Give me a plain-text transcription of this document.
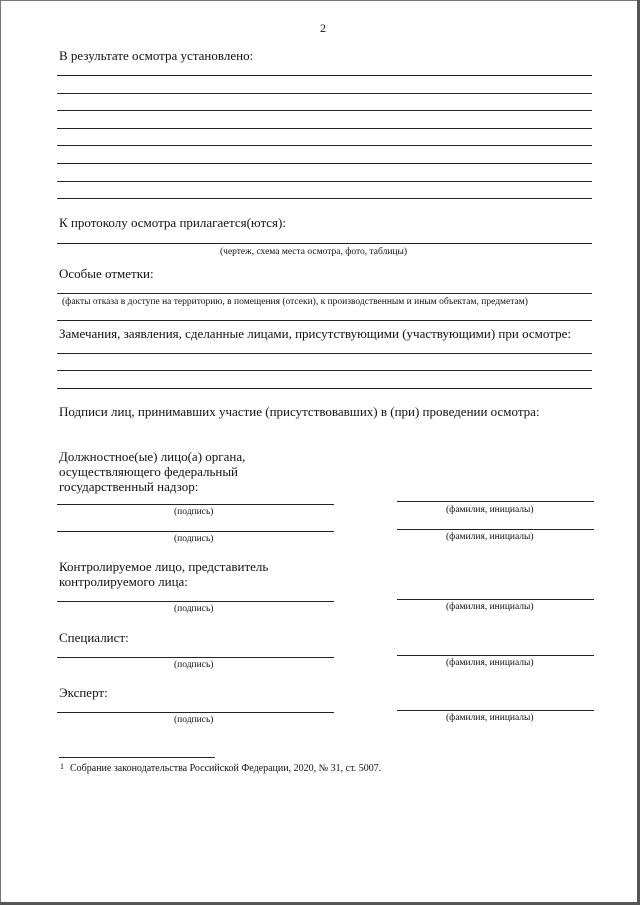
2
В результате осмотра установлено:
К протоколу осмотра прилагается(ются):
(чертеж, схема места осмотра, фото, таблицы)
Особые отметки:
(факты отказа в доступе на территорию, в помещения (отсеки), к производственным и иным объектам, предметам)
Замечания, заявления, сделанные лицами, присутствующими (участвующими) при осмотре:
Подписи лиц, принимавших участие (присутствовавших) в (при) проведении осмотра:
Должностное(ые) лицо(а) органа,
осуществляющего федеральный
государственный надзор:
(подпись)	(фамилия, инициалы)
(подпись)	(фамилия, инициалы)
Контролируемое лицо, представитель
контролируемого лица:
(подпись)	(фамилия, инициалы)
Специалист:
(подпись)	(фамилия, инициалы)
Эксперт:
(подпись)	(фамилия, инициалы)
1 Собрание законодательства Российской Федерации, 2020, № 31, ст. 5007.
